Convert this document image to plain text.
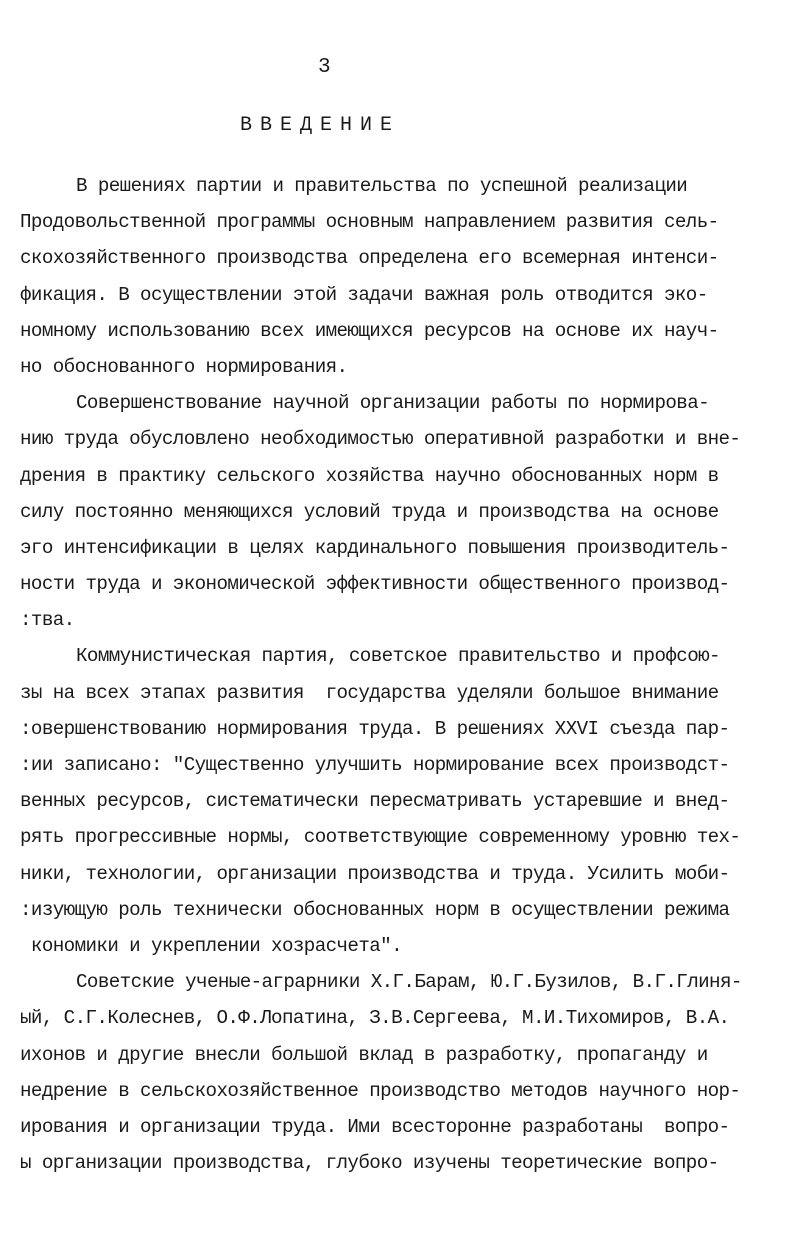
3
ВВЕДЕНИЕ
В решениях партии и правительства по успешной реализации
Продовольственной программы основным направлением развития сель-
скохозяйственного производства определена его всемерная интенси-
фикация. В осуществлении этой задачи важная роль отводится эко-
номному использованию всех имеющихся ресурсов на основе их науч-
но обоснованного нормирования.
Совершенствование научной организации работы по нормирова-
нию труда обусловлено необходимостью оперативной разработки и вне-
дрения в практику сельского хозяйства научно обоснованных норм в
силу постоянно меняющихся условий труда и производства на основе
эго интенсификации в целях кардинального повышения производитель-
ности труда и экономической эффективности общественного производ-
:тва.
Коммунистическая партия, советское правительство и профсою-
зы на всех этапах развития  государства уделяли большое внимание
:овершенствованию нормирования труда. В решениях XXVI съезда пар-
:ии записано: "Существенно улучшить нормирование всех производст-
венных ресурсов, систематически пересматривать устаревшие и внед-
рять прогрессивные нормы, соответствующие современному уровню тех-
ники, технологии, организации производства и труда. Усилить моби-
:изующую роль технически обоснованных норм в осуществлении режима
кономики и укреплении хозрасчета".
Советские ученые-аграрники Х.Г.Барам, Ю.Г.Бузилов, В.Г.Глиня-
ый, С.Г.Колеснев, О.Ф.Лопатина, З.В.Сергеева, М.И.Тихомиров, В.А.
ихонов и другие внесли большой вклад в разработку, пропаганду и
недрение в сельскохозяйственное производство методов научного нор-
ирования и организации труда. Ими всесторонне разработаны  вопро-
ы организации производства, глубоко изучены теоретические вопро-
